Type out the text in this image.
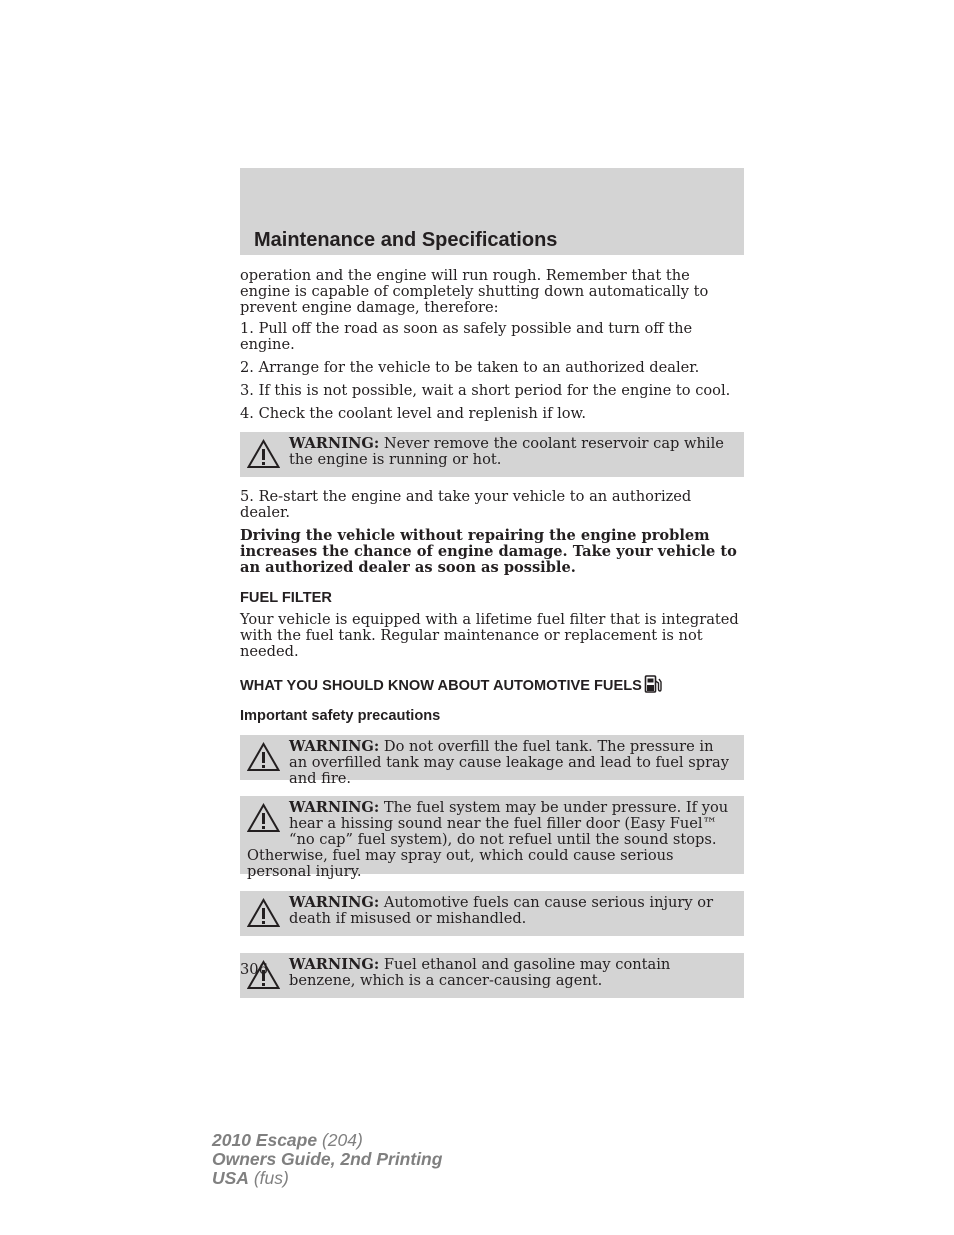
Maintenance and Specifications

operation and the engine will run rough. Remember that the engine is capable of completely shutting down automatically to prevent engine damage, therefore:

1. Pull off the road as soon as safely possible and turn off the engine.

2. Arrange for the vehicle to be taken to an authorized dealer.

3. If this is not possible, wait a short period for the engine to cool.

4. Check the coolant level and replenish if low.

WARNING: Never remove the coolant reservoir cap while the engine is running or hot.

5. Re-start the engine and take your vehicle to an authorized dealer.

Driving the vehicle without repairing the engine problem increases the chance of engine damage. Take your vehicle to an authorized dealer as soon as possible.

FUEL FILTER

Your vehicle is equipped with a lifetime fuel filter that is integrated with the fuel tank. Regular maintenance or replacement is not needed.

WHAT YOU SHOULD KNOW ABOUT AUTOMOTIVE FUELS
Important safety precautions
WARNING: Do not overfill the fuel tank. The pressure in an overfilled tank may cause leakage and lead to fuel spray and fire.
WARNING: The fuel system may be under pressure. If you hear a hissing sound near the fuel filler door (Easy Fuel™ “no cap” fuel system), do not refuel until the sound stops. Otherwise, fuel may spray out, which could cause serious personal injury.
WARNING: Automotive fuels can cause serious injury or death if misused or mishandled.
WARNING: Fuel ethanol and gasoline may contain benzene, which is a cancer-causing agent.
306
2010 Escape (204)
Owners Guide, 2nd Printing
USA (fus)
